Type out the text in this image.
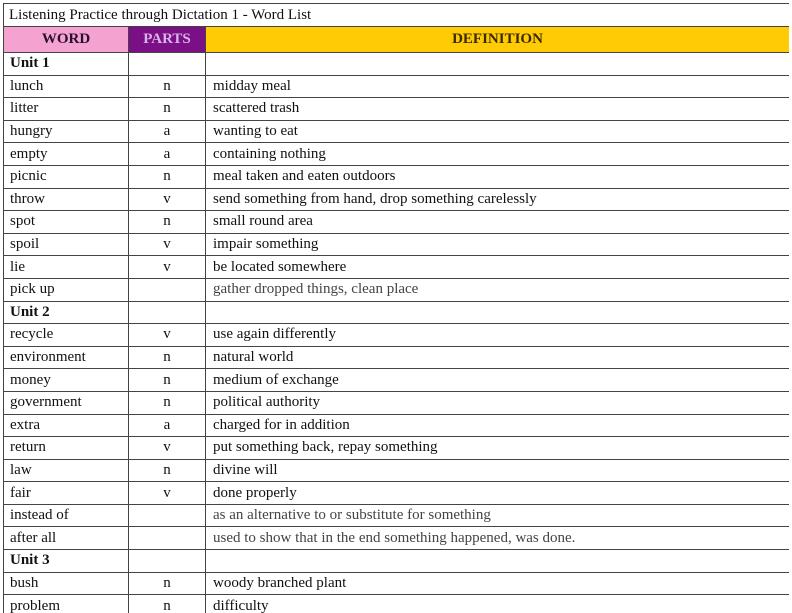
Listening Practice through Dictation 1 - Word List		
WORD	PARTS	DEFINITION
Unit 1		
lunch	n	midday meal
litter	n	scattered trash
hungry	a	wanting to eat
empty	a	containing nothing
picnic	n	meal taken and eaten outdoors
throw	v	send something from hand, drop something carelessly
spot	n	small round area
spoil	v	impair something
lie	v	be located somewhere
pick up		gather dropped things, clean place
Unit 2		
recycle	v	use again differently
environment	n	natural world
money	n	medium of exchange
government	n	political authority
extra	a	charged for in addition
return	v	put something back, repay something
law	n	divine will
fair	v	done properly
instead of		as an alternative to or substitute for something
after all		used to show that in the end something happened, was done.
Unit 3		
bush	n	woody branched plant
problem	n	difficulty
